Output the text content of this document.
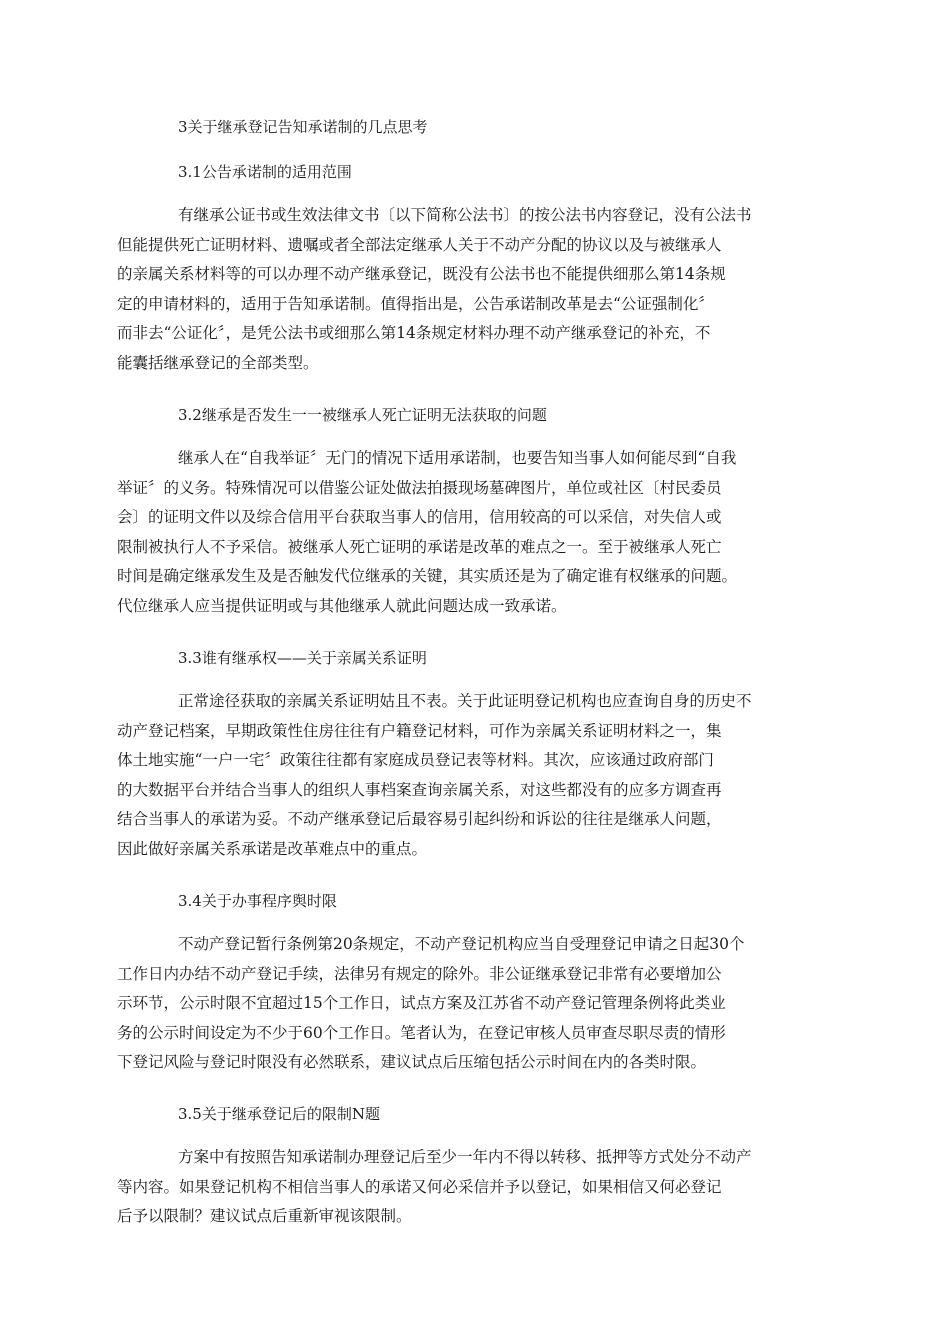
3关于继承登记告知承诺制的几点思考
3.1公告承诺制的适用范围
有继承公证书或生效法律文书〔以下简称公法书〕的按公法书内容登记，没有公法书
但能提供死亡证明材料、遗嘱或者全部法定继承人关于不动产分配的协议以及与被继承人
的亲属关系材料等的可以办理不动产继承登记，既没有公法书也不能提供细那么第14条规
定的申请材料的，适用于告知承诺制。值得指出是，公告承诺制改革是去“公证强制化〞
而非去“公证化〞，是凭公法书或细那么第14条规定材料办理不动产继承登记的补充，不
能囊括继承登记的全部类型。
3.2继承是否发生一一被继承人死亡证明无法获取的问题
继承人在“自我举证〞无门的情况下适用承诺制，也要告知当事人如何能尽到“自我
举证〞的义务。特殊情况可以借鉴公证处做法拍摄现场墓碑图片，单位或社区〔村民委员
会〕的证明文件以及综合信用平台获取当事人的信用，信用较高的可以采信，对失信人或
限制被执行人不予采信。被继承人死亡证明的承诺是改革的难点之一。至于被继承人死亡
时间是确定继承发生及是否触发代位继承的关键，其实质还是为了确定谁有权继承的问题。
代位继承人应当提供证明或与其他继承人就此问题达成一致承诺。
3.3谁有继承权——关于亲属关系证明
正常途径获取的亲属关系证明姑且不表。关于此证明登记机构也应查询自身的历史不
动产登记档案，早期政策性住房往往有户籍登记材料，可作为亲属关系证明材料之一，集
体土地实施“一户一宅〞政策往往都有家庭成员登记表等材料。其次，应该通过政府部门
的大数据平台并结合当事人的组织人事档案查询亲属关系，对这些都没有的应多方调查再
结合当事人的承诺为妥。不动产继承登记后最容易引起纠纷和诉讼的往往是继承人问题，
因此做好亲属关系承诺是改革难点中的重点。
3.4关于办事程序舆时限
不动产登记暂行条例第20条规定，不动产登记机构应当自受理登记申请之日起30个
工作日内办结不动产登记手续，法律另有规定的除外。非公证继承登记非常有必要增加公
示环节，公示时限不宜超过15个工作日，试点方案及江苏省不动产登记管理条例将此类业
务的公示时间设定为不少于60个工作日。笔者认为，在登记审核人员审查尽职尽责的情形
下登记风险与登记时限没有必然联系，建议试点后压缩包括公示时间在内的各类时限。
3.5关于继承登记后的限制N题
方案中有按照告知承诺制办理登记后至少一年内不得以转移、抵押等方式处分不动产
等内容。如果登记机构不相信当事人的承诺又何必采信并予以登记，如果相信又何必登记
后予以限制？建议试点后重新审视该限制。
